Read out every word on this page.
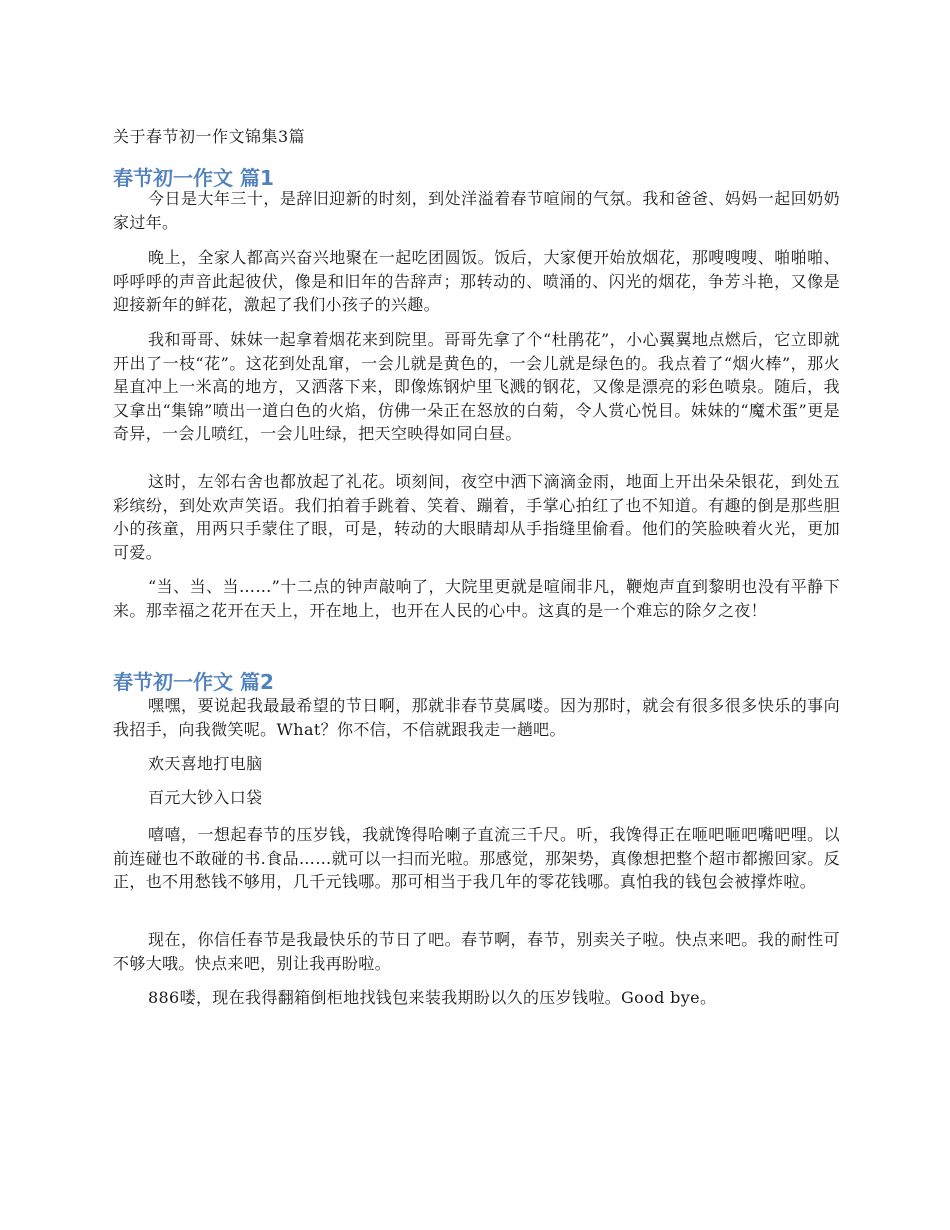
关于春节初一作文锦集3篇
春节初一作文 篇1

今日是大年三十，是辞旧迎新的时刻，到处洋溢着春节喧闹的气氛。我和爸爸、妈妈一起回奶奶家过年。

晚上，全家人都高兴奋兴地聚在一起吃团圆饭。饭后，大家便开始放烟花，那嗖嗖嗖、啪啪啪、呼呼呼的声音此起彼伏，像是和旧年的告辞声；那转动的、喷涌的、闪光的烟花，争芳斗艳，又像是迎接新年的鲜花，激起了我们小孩子的兴趣。

我和哥哥、妹妹一起拿着烟花来到院里。哥哥先拿了个“杜鹃花”，小心翼翼地点燃后，它立即就开出了一枝“花”。这花到处乱窜，一会儿就是黄色的，一会儿就是绿色的。我点着了“烟火棒”，那火星直冲上一米高的地方，又洒落下来，即像炼钢炉里飞溅的钢花，又像是漂亮的彩色喷泉。随后，我又拿出“集锦”喷出一道白色的火焰，仿佛一朵正在怒放的白菊，令人赏心悦目。妹妹的“魔术蛋”更是奇异，一会儿喷红，一会儿吐绿，把天空映得如同白昼。

这时，左邻右舍也都放起了礼花。顷刻间，夜空中洒下滴滴金雨，地面上开出朵朵银花，到处五彩缤纷，到处欢声笑语。我们拍着手跳着、笑着、蹦着，手掌心拍红了也不知道。有趣的倒是那些胆小的孩童，用两只手蒙住了眼，可是，转动的大眼睛却从手指缝里偷看。他们的笑脸映着火光，更加可爱。

“当、当、当……”十二点的钟声敲响了，大院里更就是喧闹非凡，鞭炮声直到黎明也没有平静下来。那幸福之花开在天上，开在地上，也开在人民的心中。这真的是一个难忘的除夕之夜！

春节初一作文 篇2

嘿嘿，要说起我最最希望的节日啊，那就非春节莫属喽。因为那时，就会有很多很多快乐的事向我招手，向我微笑呢。What？你不信，不信就跟我走一趟吧。

欢天喜地打电脑

百元大钞入口袋

嘻嘻，一想起春节的压岁钱，我就馋得哈喇子直流三千尺。听，我馋得正在咂吧咂吧嘴吧哩。以前连碰也不敢碰的书.食品……就可以一扫而光啦。那感觉，那架势，真像想把整个超市都搬回家。反正，也不用愁钱不够用，几千元钱哪。那可相当于我几年的零花钱哪。真怕我的钱包会被撑炸啦。

现在，你信任春节是我最快乐的节日了吧。春节啊，春节，别卖关子啦。快点来吧。我的耐性可不够大哦。快点来吧，别让我再盼啦。

886喽，现在我得翻箱倒柜地找钱包来装我期盼以久的压岁钱啦。Good bye。
